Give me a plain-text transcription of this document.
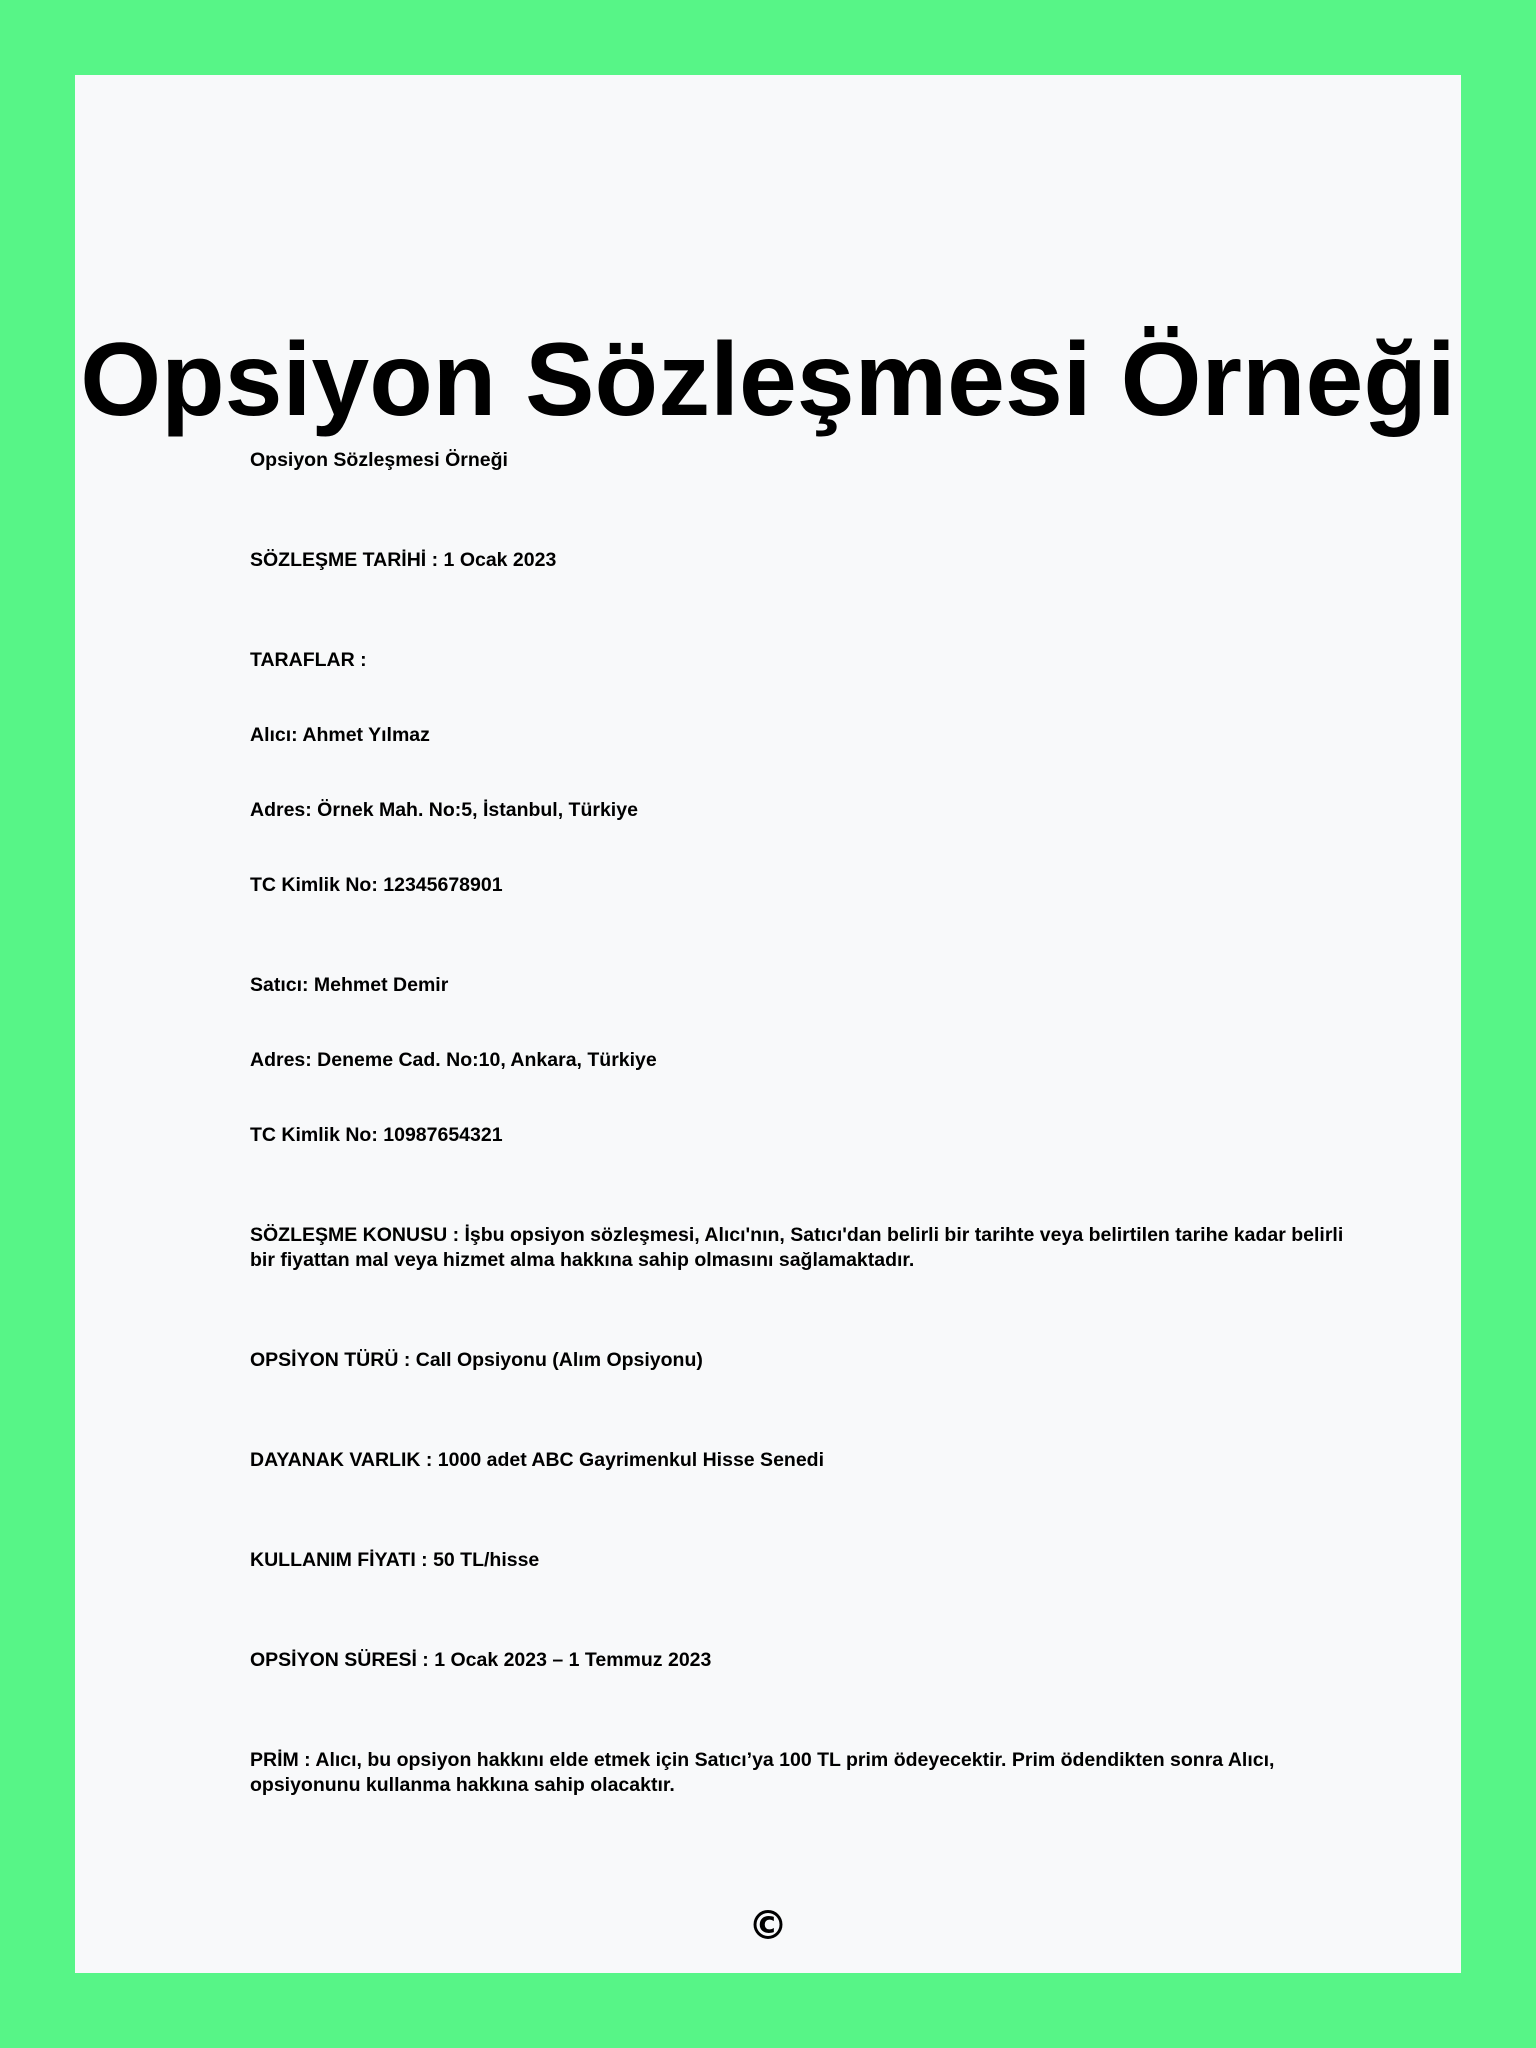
Opsiyon Sözleşmesi Örneği

Opsiyon Sözleşmesi Örneği

SÖZLEŞME TARİHİ : 1 Ocak 2023

TARAFLAR :

Alıcı: Ahmet Yılmaz

Adres: Örnek Mah. No:5, İstanbul, Türkiye

TC Kimlik No: 12345678901

Satıcı: Mehmet Demir

Adres: Deneme Cad. No:10, Ankara, Türkiye

TC Kimlik No: 10987654321

SÖZLEŞME KONUSU : İşbu opsiyon sözleşmesi, Alıcı'nın, Satıcı'dan belirli bir tarihte veya belirtilen tarihe kadar belirli bir fiyattan mal veya hizmet alma hakkına sahip olmasını sağlamaktadır.

OPSİYON TÜRÜ : Call Opsiyonu (Alım Opsiyonu)

DAYANAK VARLIK : 1000 adet ABC Gayrimenkul Hisse Senedi

KULLANIM FİYATI : 50 TL/hisse

OPSİYON SÜRESİ : 1 Ocak 2023 – 1 Temmuz 2023

PRİM : Alıcı, bu opsiyon hakkını elde etmek için Satıcı’ya 100 TL prim ödeyecektir. Prim ödendikten sonra Alıcı, opsiyonunu kullanma hakkına sahip olacaktır.

©
